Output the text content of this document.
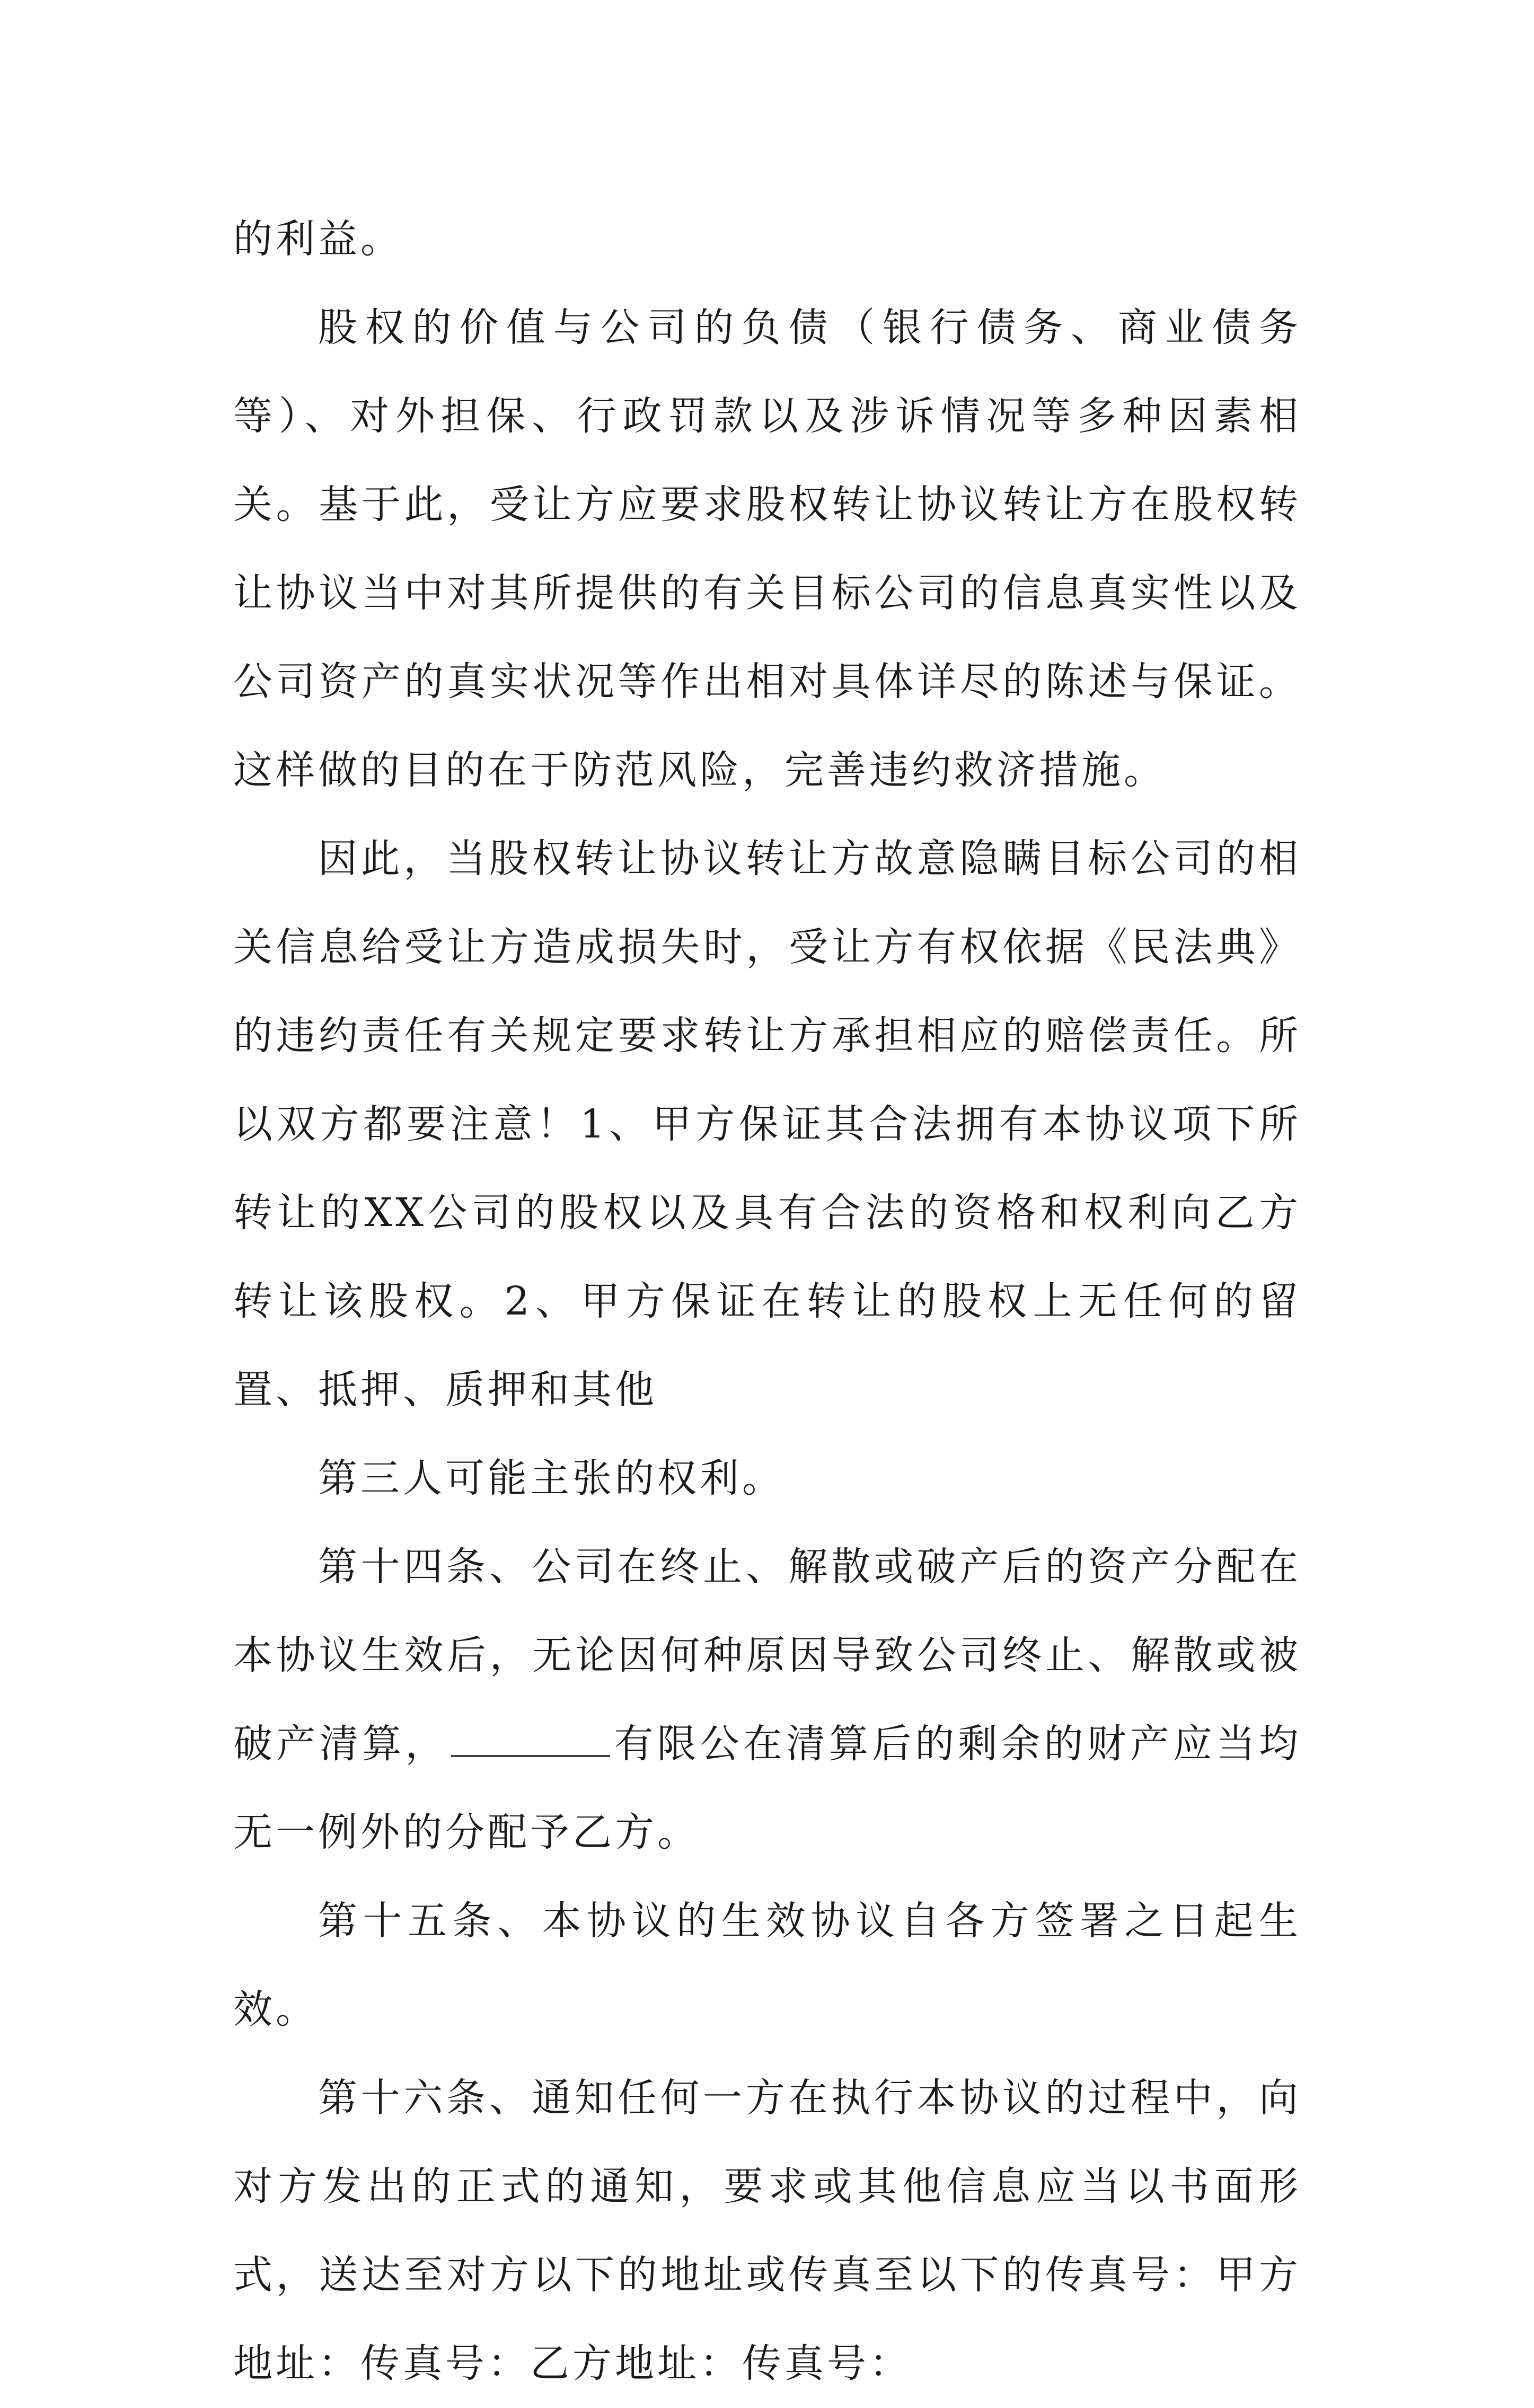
的利益。

股权的价值与公司的负债（银行债务、商业债务等）、对外担保、行政罚款以及涉诉情况等多种因素相关。基于此，受让方应要求股权转让协议转让方在股权转让协议当中对其所提供的有关目标公司的信息真实性以及公司资产的真实状况等作出相对具体详尽的陈述与保证。这样做的目的在于防范风险，完善违约救济措施。

因此，当股权转让协议转让方故意隐瞒目标公司的相关信息给受让方造成损失时，受让方有权依据《民法典》的违约责任有关规定要求转让方承担相应的赔偿责任。所以双方都要注意！1、甲方保证其合法拥有本协议项下所转让的XX公司的股权以及具有合法的资格和权利向乙方转让该股权。2、甲方保证在转让的股权上无任何的留置、抵押、质押和其他

第三人可能主张的权利。

第十四条、公司在终止、解散或破产后的资产分配在本协议生效后，无论因何种原因导致公司终止、解散或被破产清算，	有限公在清算后的剩余的财产应当均无一例外的分配予乙方。

第十五条、本协议的生效协议自各方签署之日起生效。

第十六条、通知任何一方在执行本协议的过程中，向对方发出的正式的通知，要求或其他信息应当以书面形式，送达至对方以下的地址或传真至以下的传真号：甲方地址：传真号：乙方地址：传真号：
